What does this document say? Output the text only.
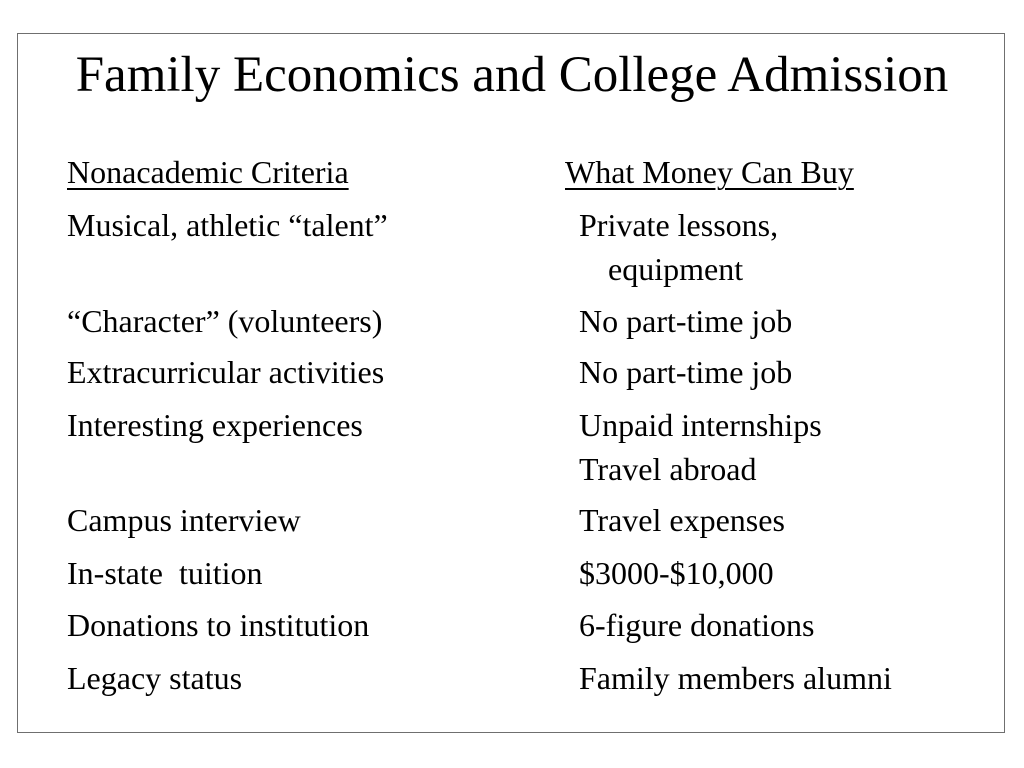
Family Economics and College Admission
Nonacademic Criteria	What Money Can Buy
Musical, athletic “talent”	Private lessons,
equipment
“Character” (volunteers)	No part-time job
Extracurricular activities	No part-time job
Interesting experiences	Unpaid internships
Travel abroad
Campus interview	Travel expenses
In-state  tuition	$3000-$10,000
Donations to institution	6-figure donations
Legacy status	Family members alumni
